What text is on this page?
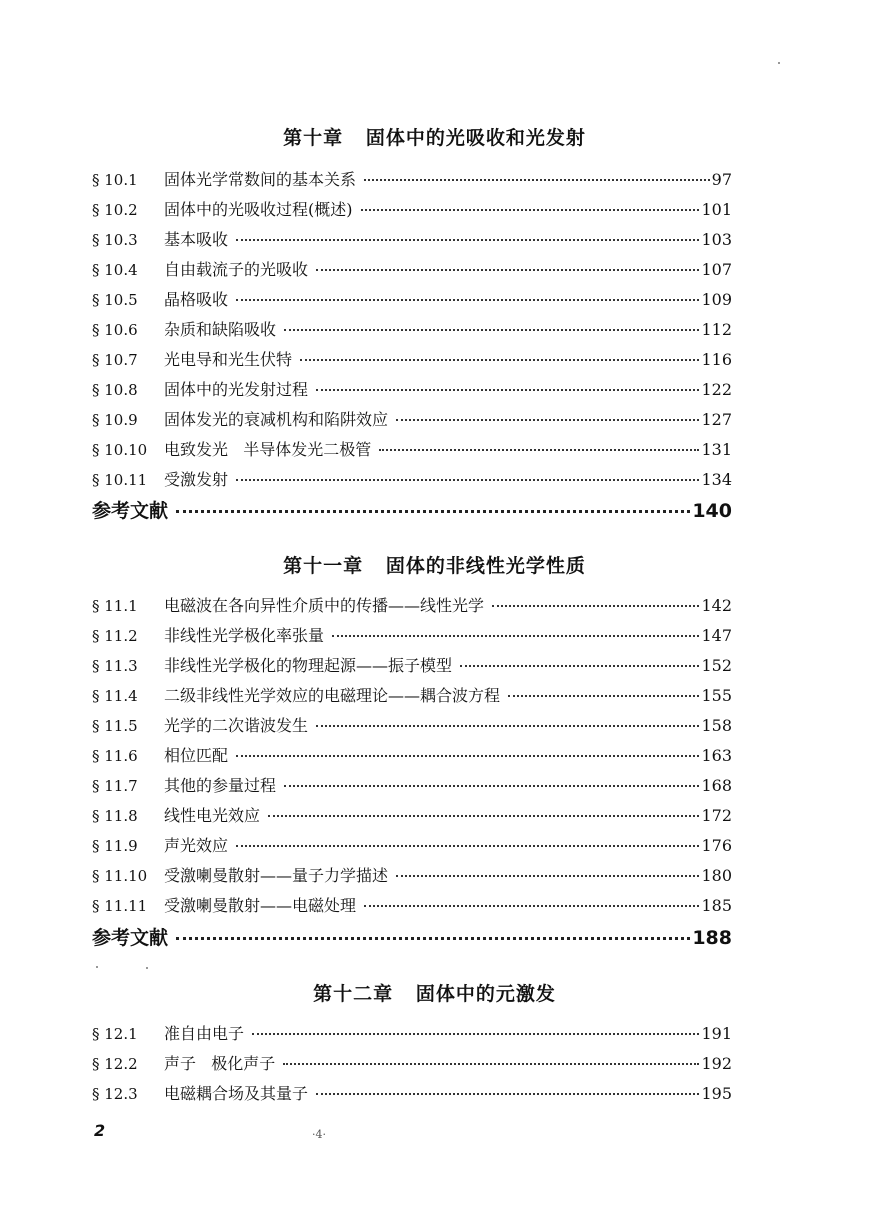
第十章   固体中的光吸收和光发射
§ 10.1	固体光学常数间的基本关系	97
§ 10.2	固体中的光吸收过程(概述)	101
§ 10.3	基本吸收	103
§ 10.4	自由载流子的光吸收	107
§ 10.5	晶格吸收	109
§ 10.6	杂质和缺陷吸收	112
§ 10.7	光电导和光生伏特	116
§ 10.8	固体中的光发射过程	122
§ 10.9	固体发光的衰减机构和陷阱效应	127
§ 10.10	电致发光   半导体发光二极管	131
§ 10.11	受激发射	134
参考文献	140
第十一章   固体的非线性光学性质
§ 11.1	电磁波在各向异性介质中的传播——线性光学	142
§ 11.2	非线性光学极化率张量	147
§ 11.3	非线性光学极化的物理起源——振子模型	152
§ 11.4	二级非线性光学效应的电磁理论——耦合波方程	155
§ 11.5	光学的二次谐波发生	158
§ 11.6	相位匹配	163
§ 11.7	其他的参量过程	168
§ 11.8	线性电光效应	172
§ 11.9	声光效应	176
§ 11.10	受激喇曼散射——量子力学描述	180
§ 11.11	受激喇曼散射——电磁处理	185
参考文献	188
第十二章   固体中的元激发
§ 12.1	准自由电子	191
§ 12.2	声子   极化声子	192
§ 12.3	电磁耦合场及其量子	195
2	·4·
